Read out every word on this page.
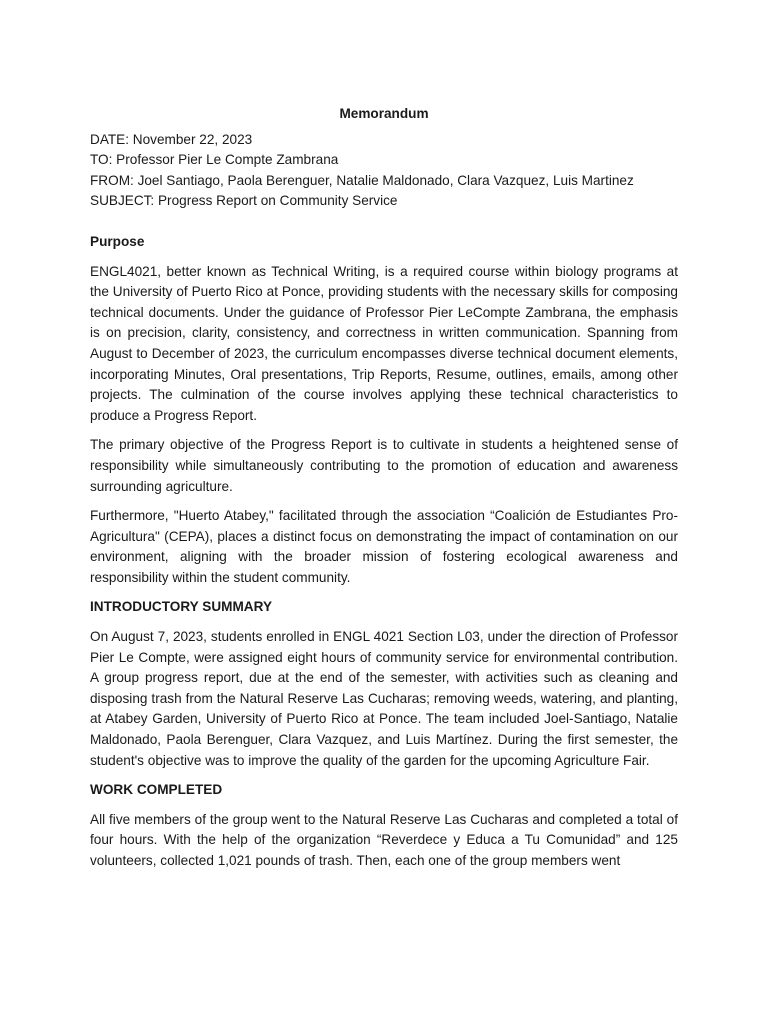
Memorandum

DATE: November 22, 2023

TO: Professor Pier Le Compte Zambrana

FROM: Joel Santiago, Paola Berenguer, Natalie Maldonado, Clara Vazquez, Luis Martinez

SUBJECT: Progress Report on Community Service

Purpose

ENGL4021, better known as Technical Writing, is a required course within biology programs at the University of Puerto Rico at Ponce, providing students with the necessary skills for composing technical documents. Under the guidance of Professor Pier LeCompte Zambrana, the emphasis is on precision, clarity, consistency, and correctness in written communication. Spanning from August to December of 2023, the curriculum encompasses diverse technical document elements, incorporating Minutes, Oral presentations, Trip Reports, Resume, outlines, emails, among other projects. The culmination of the course involves applying these technical characteristics to produce a Progress Report.

The primary objective of the Progress Report is to cultivate in students a heightened sense of responsibility while simultaneously contributing to the promotion of education and awareness surrounding agriculture.

Furthermore, "Huerto Atabey," facilitated through the association “Coalición de Estudiantes Pro-Agricultura" (CEPA), places a distinct focus on demonstrating the impact of contamination on our environment, aligning with the broader mission of fostering ecological awareness and responsibility within the student community.

INTRODUCTORY SUMMARY

On August 7, 2023, students enrolled in ENGL 4021 Section L03, under the direction of Professor Pier Le Compte, were assigned eight hours of community service for environmental contribution. A group progress report, due at the end of the semester, with activities such as cleaning and disposing trash from the Natural Reserve Las Cucharas; removing weeds, watering, and planting, at Atabey Garden, University of Puerto Rico at Ponce. The team included Joel-Santiago, Natalie Maldonado, Paola Berenguer, Clara Vazquez, and Luis Martínez. During the first semester, the student's objective was to improve the quality of the garden for the upcoming Agriculture Fair.

WORK COMPLETED

All five members of the group went to the Natural Reserve Las Cucharas and completed a total of four hours. With the help of the organization “Reverdece y Educa a Tu Comunidad” and 125 volunteers, collected 1,021 pounds of trash. Then, each one of the group members went
